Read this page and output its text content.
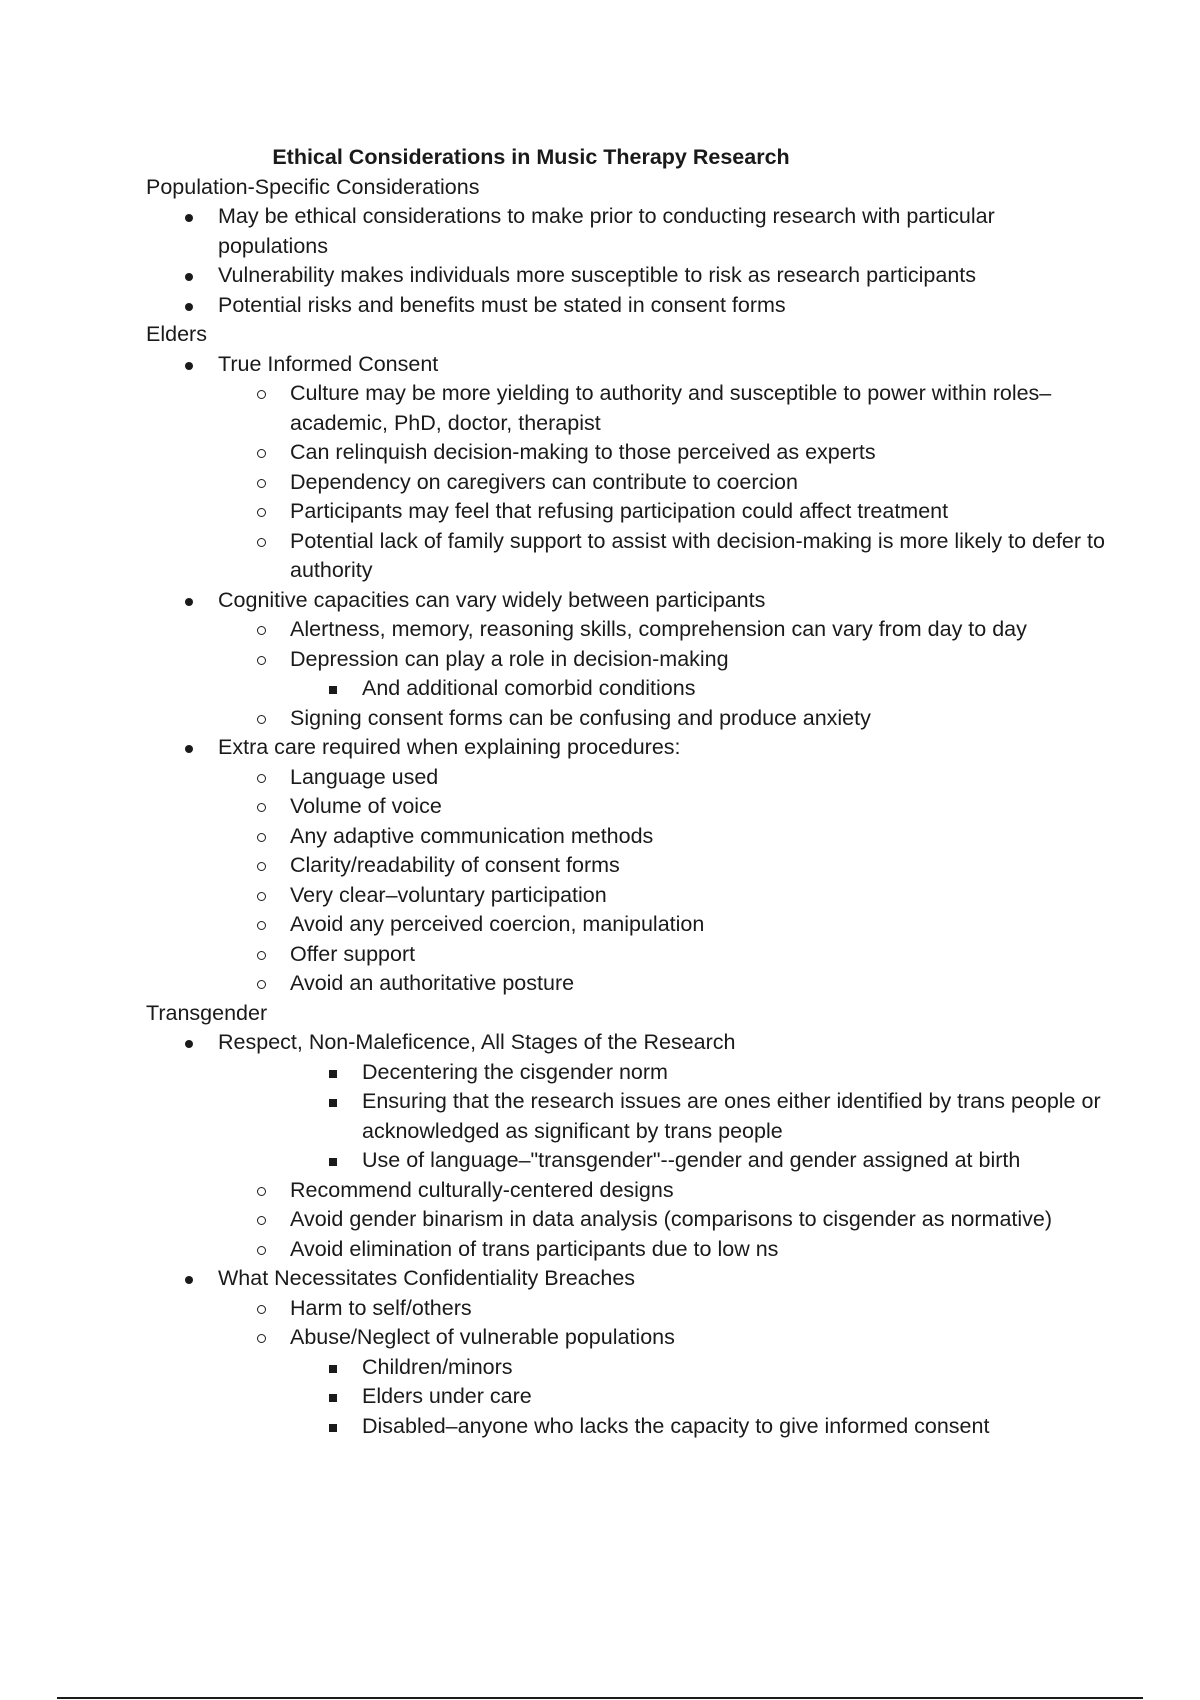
Ethical Considerations in Music Therapy Research
Population-Specific Considerations
May be ethical considerations to make prior to conducting research with particular populations
Vulnerability makes individuals more susceptible to risk as research participants
Potential risks and benefits must be stated in consent forms
Elders
True Informed Consent
Culture may be more yielding to authority and susceptible to power within roles–academic, PhD, doctor, therapist
Can relinquish decision-making to those perceived as experts
Dependency on caregivers can contribute to coercion
Participants may feel that refusing participation could affect treatment
Potential lack of family support to assist with decision-making is more likely to defer to authority
Cognitive capacities can vary widely between participants
Alertness, memory, reasoning skills, comprehension can vary from day to day
Depression can play a role in decision-making
And additional comorbid conditions
Signing consent forms can be confusing and produce anxiety
Extra care required when explaining procedures:
Language used
Volume of voice
Any adaptive communication methods
Clarity/readability of consent forms
Very clear–voluntary participation
Avoid any perceived coercion, manipulation
Offer support
Avoid an authoritative posture
Transgender
Respect, Non-Maleficence, All Stages of the Research
Decentering the cisgender norm
Ensuring that the research issues are ones either identified by trans people or acknowledged as significant by trans people
Use of language–"transgender"--gender and gender assigned at birth
Recommend culturally-centered designs
Avoid gender binarism in data analysis (comparisons to cisgender as normative)
Avoid elimination of trans participants due to low ns
What Necessitates Confidentiality Breaches
Harm to self/others
Abuse/Neglect of vulnerable populations
Children/minors
Elders under care
Disabled–anyone who lacks the capacity to give informed consent
